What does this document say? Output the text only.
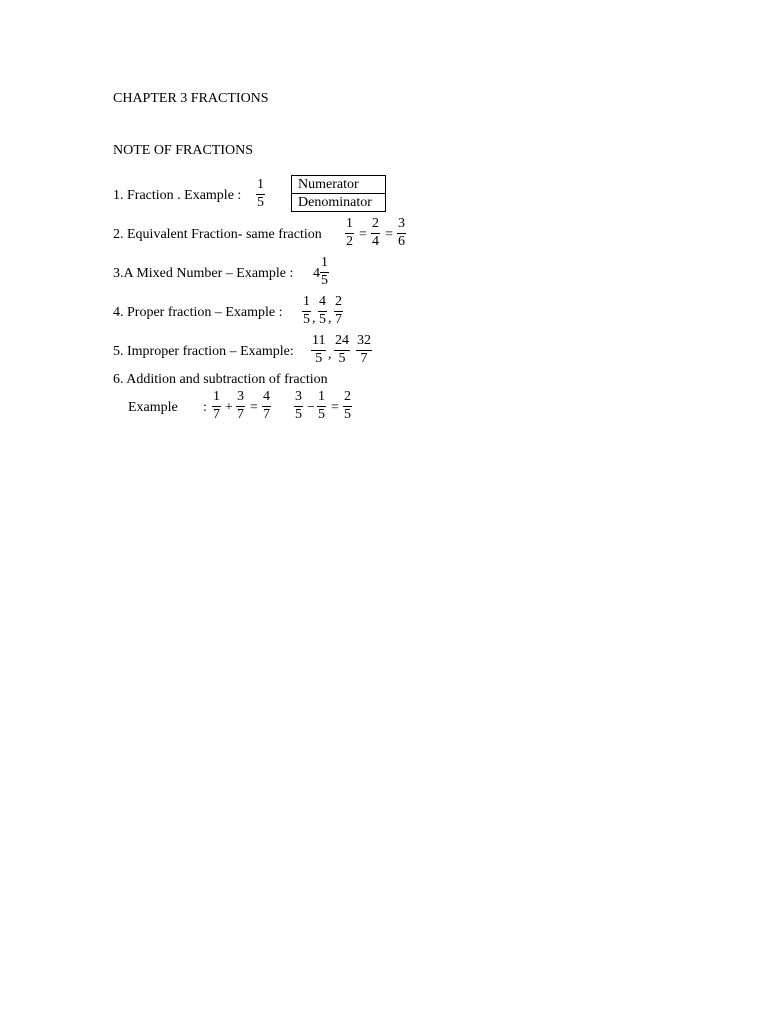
CHAPTER 3 FRACTIONS
NOTE OF FRACTIONS
1. Fraction . Example :
1
5
Numerator
Denominator
2. Equivalent Fraction- same fraction
1
2 =
2
4 =
3
6
3.A Mixed Number – Example : 4
1
5
4. Proper fraction – Example :
1
5 ,
4
5 ,
2
7
5. Improper fraction – Example:
11
5 ,
24
5
32
7
6. Addition and subtraction of fraction
Example :
1
7 +
3
7 =
4
7
3
5 −
1
5 =
2
5
